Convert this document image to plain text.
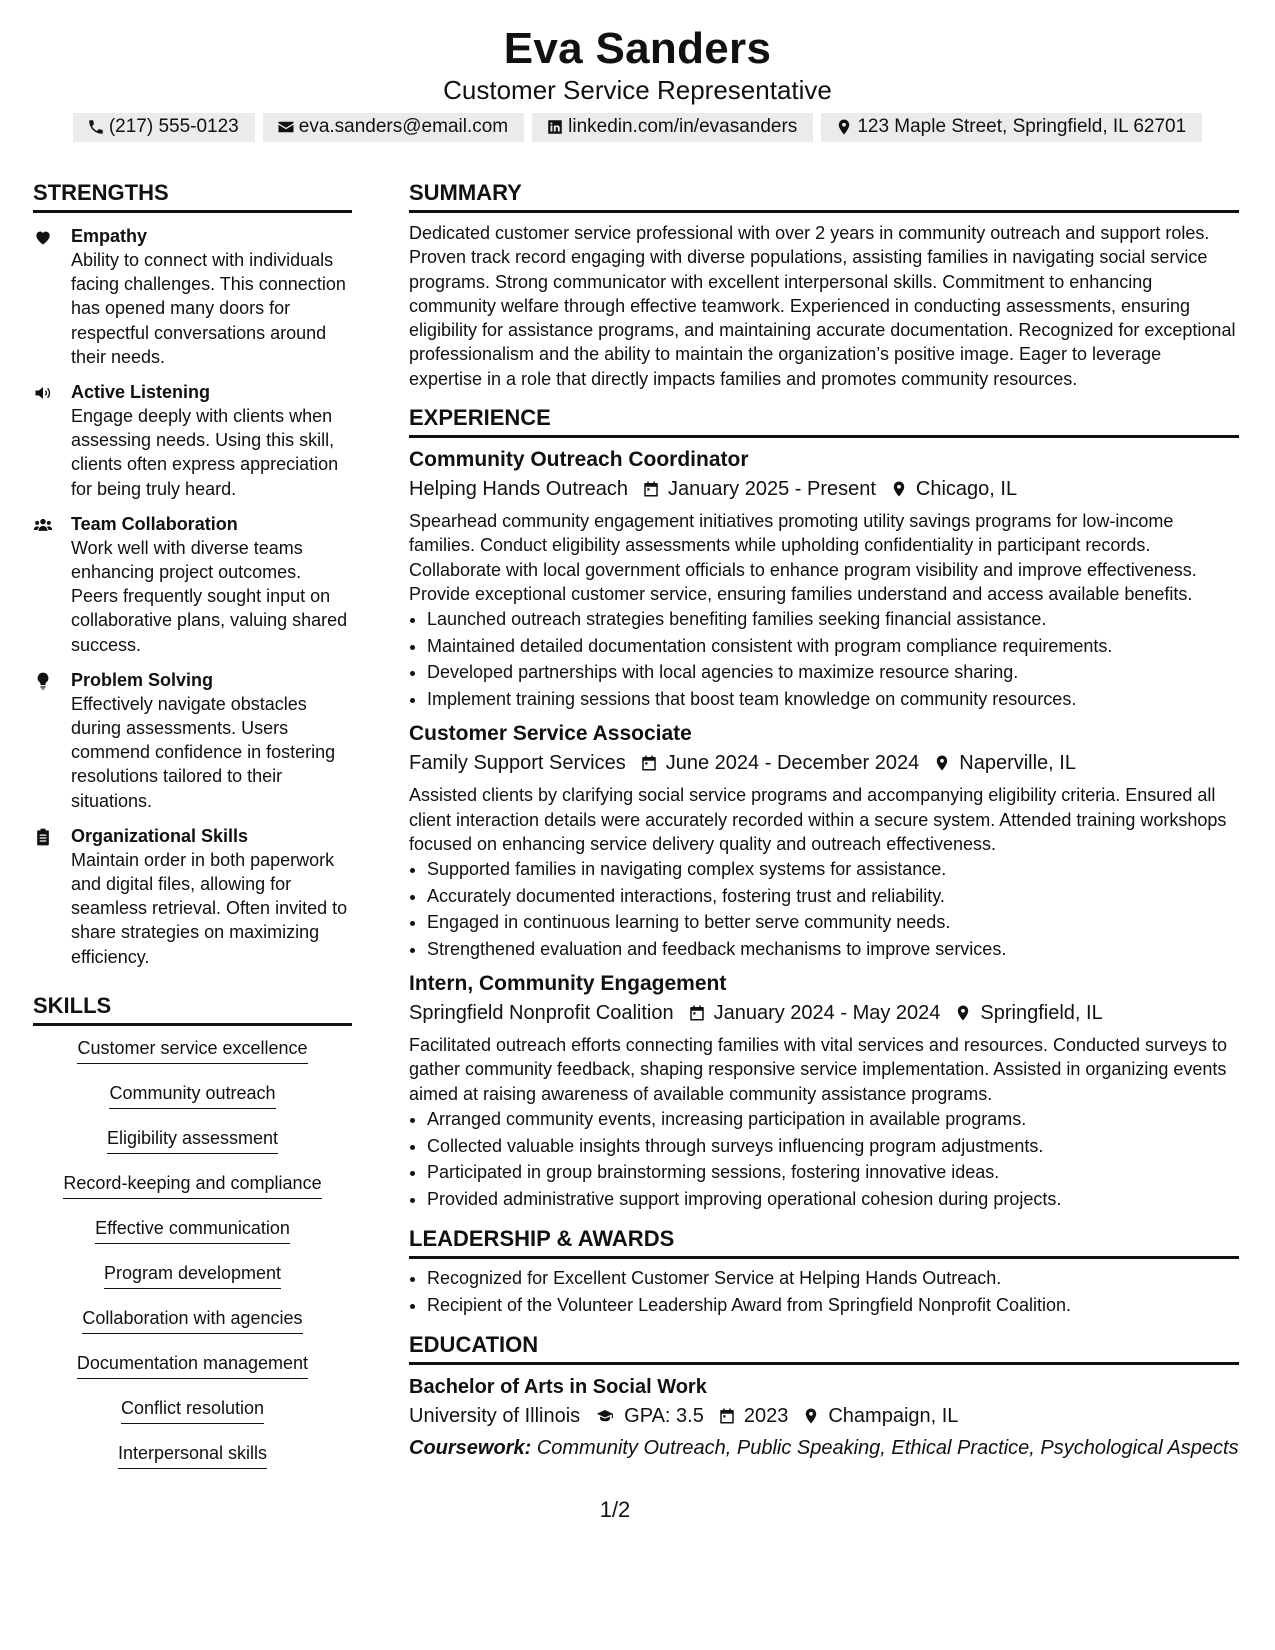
Eva Sanders
Customer Service Representative
(217) 555-0123	eva.sanders@email.com	linkedin.com/in/evasanders	123 Maple Street, Springfield, IL 62701
STRENGTHS
Empathy
Ability to connect with individuals facing challenges. This connection has opened many doors for respectful conversations around their needs.
Active Listening
Engage deeply with clients when assessing needs. Using this skill, clients often express appreciation for being truly heard.
Team Collaboration
Work well with diverse teams enhancing project outcomes. Peers frequently sought input on collaborative plans, valuing shared success.
Problem Solving
Effectively navigate obstacles during assessments. Users commend confidence in fostering resolutions tailored to their situations.
Organizational Skills
Maintain order in both paperwork and digital files, allowing for seamless retrieval. Often invited to share strategies on maximizing efficiency.
SKILLS
Customer service excellence
Community outreach
Eligibility assessment
Record-keeping and compliance
Effective communication
Program development
Collaboration with agencies
Documentation management
Conflict resolution
Interpersonal skills
SUMMARY
Dedicated customer service professional with over 2 years in community outreach and support roles. Proven track record engaging with diverse populations, assisting families in navigating social service programs. Strong communicator with excellent interpersonal skills. Commitment to enhancing community welfare through effective teamwork. Experienced in conducting assessments, ensuring eligibility for assistance programs, and maintaining accurate documentation. Recognized for exceptional professionalism and the ability to maintain the organization’s positive image. Eager to leverage expertise in a role that directly impacts families and promotes community resources.
EXPERIENCE
Community Outreach Coordinator
Helping Hands Outreach January 2025 - Present Chicago, IL
Spearhead community engagement initiatives promoting utility savings programs for low-income families. Conduct eligibility assessments while upholding confidentiality in participant records. Collaborate with local government officials to enhance program visibility and improve effectiveness. Provide exceptional customer service, ensuring families understand and access available benefits.
• Launched outreach strategies benefiting families seeking financial assistance.
• Maintained detailed documentation consistent with program compliance requirements.
• Developed partnerships with local agencies to maximize resource sharing.
• Implement training sessions that boost team knowledge on community resources.
Customer Service Associate
Family Support Services June 2024 - December 2024 Naperville, IL
Assisted clients by clarifying social service programs and accompanying eligibility criteria. Ensured all client interaction details were accurately recorded within a secure system. Attended training workshops focused on enhancing service delivery quality and outreach effectiveness.
• Supported families in navigating complex systems for assistance.
• Accurately documented interactions, fostering trust and reliability.
• Engaged in continuous learning to better serve community needs.
• Strengthened evaluation and feedback mechanisms to improve services.
Intern, Community Engagement
Springfield Nonprofit Coalition January 2024 - May 2024 Springfield, IL
Facilitated outreach efforts connecting families with vital services and resources. Conducted surveys to gather community feedback, shaping responsive service implementation. Assisted in organizing events aimed at raising awareness of available community assistance programs.
• Arranged community events, increasing participation in available programs.
• Collected valuable insights through surveys influencing program adjustments.
• Participated in group brainstorming sessions, fostering innovative ideas.
• Provided administrative support improving operational cohesion during projects.
LEADERSHIP & AWARDS
• Recognized for Excellent Customer Service at Helping Hands Outreach.
• Recipient of the Volunteer Leadership Award from Springfield Nonprofit Coalition.
EDUCATION
Bachelor of Arts in Social Work
University of Illinois GPA: 3.5 2023 Champaign, IL
Coursework: Community Outreach, Public Speaking, Ethical Practice, Psychological Aspects
1/2
